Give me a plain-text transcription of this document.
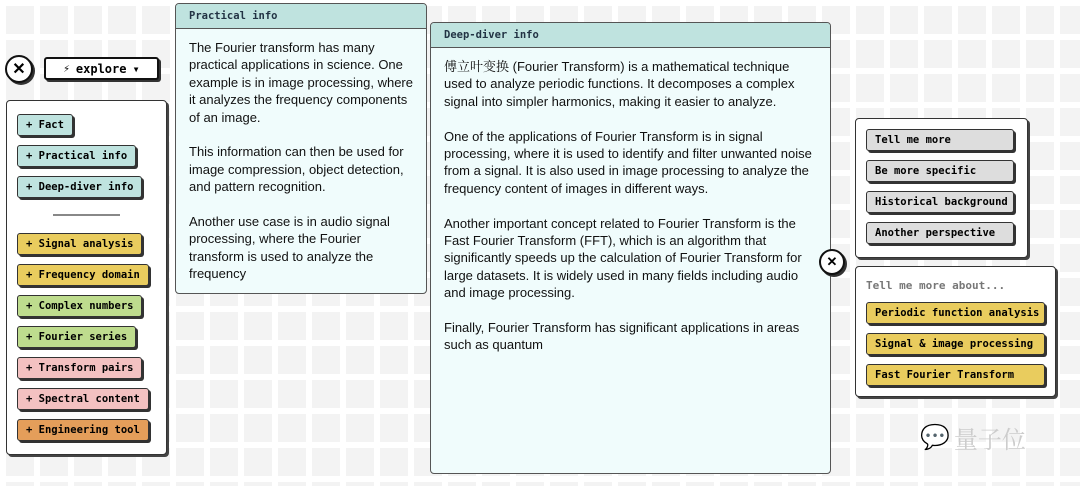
✕	⚡ explore ▾
+ Fact
+ Practical info
+ Deep-diver info
+ Signal analysis
+ Frequency domain
+ Complex numbers
+ Fourier series
+ Transform pairs
+ Spectral content
+ Engineering tool
Practical info

The Fourier transform has many practical applications in science. One example is in image processing, where it analyzes the frequency components of an image.

This information can then be used for image compression, object detection, and pattern recognition.

Another use case is in audio signal processing, where the Fourier transform is used to analyze the frequency

Deep-diver info

傅立叶变换 (Fourier Transform) is a mathematical technique used to analyze periodic functions. It decomposes a complex signal into simpler harmonics, making it easier to analyze.

One of the applications of Fourier Transform is in signal processing, where it is used to identify and filter unwanted noise from a signal. It is also used in image processing to analyze the frequency content of images in different ways.

Another important concept related to Fourier Transform is the Fast Fourier Transform (FFT), which is an algorithm that significantly speeds up the calculation of Fourier Transform for large datasets. It is widely used in many fields including audio and image processing.

Finally, Fourier Transform has significant applications in areas such as quantum

✕
Tell me more
Be more specific
Historical background
Another perspective
Tell me more about...
Periodic function analysis
Signal & image processing
Fast Fourier Transform
💬 量子位
